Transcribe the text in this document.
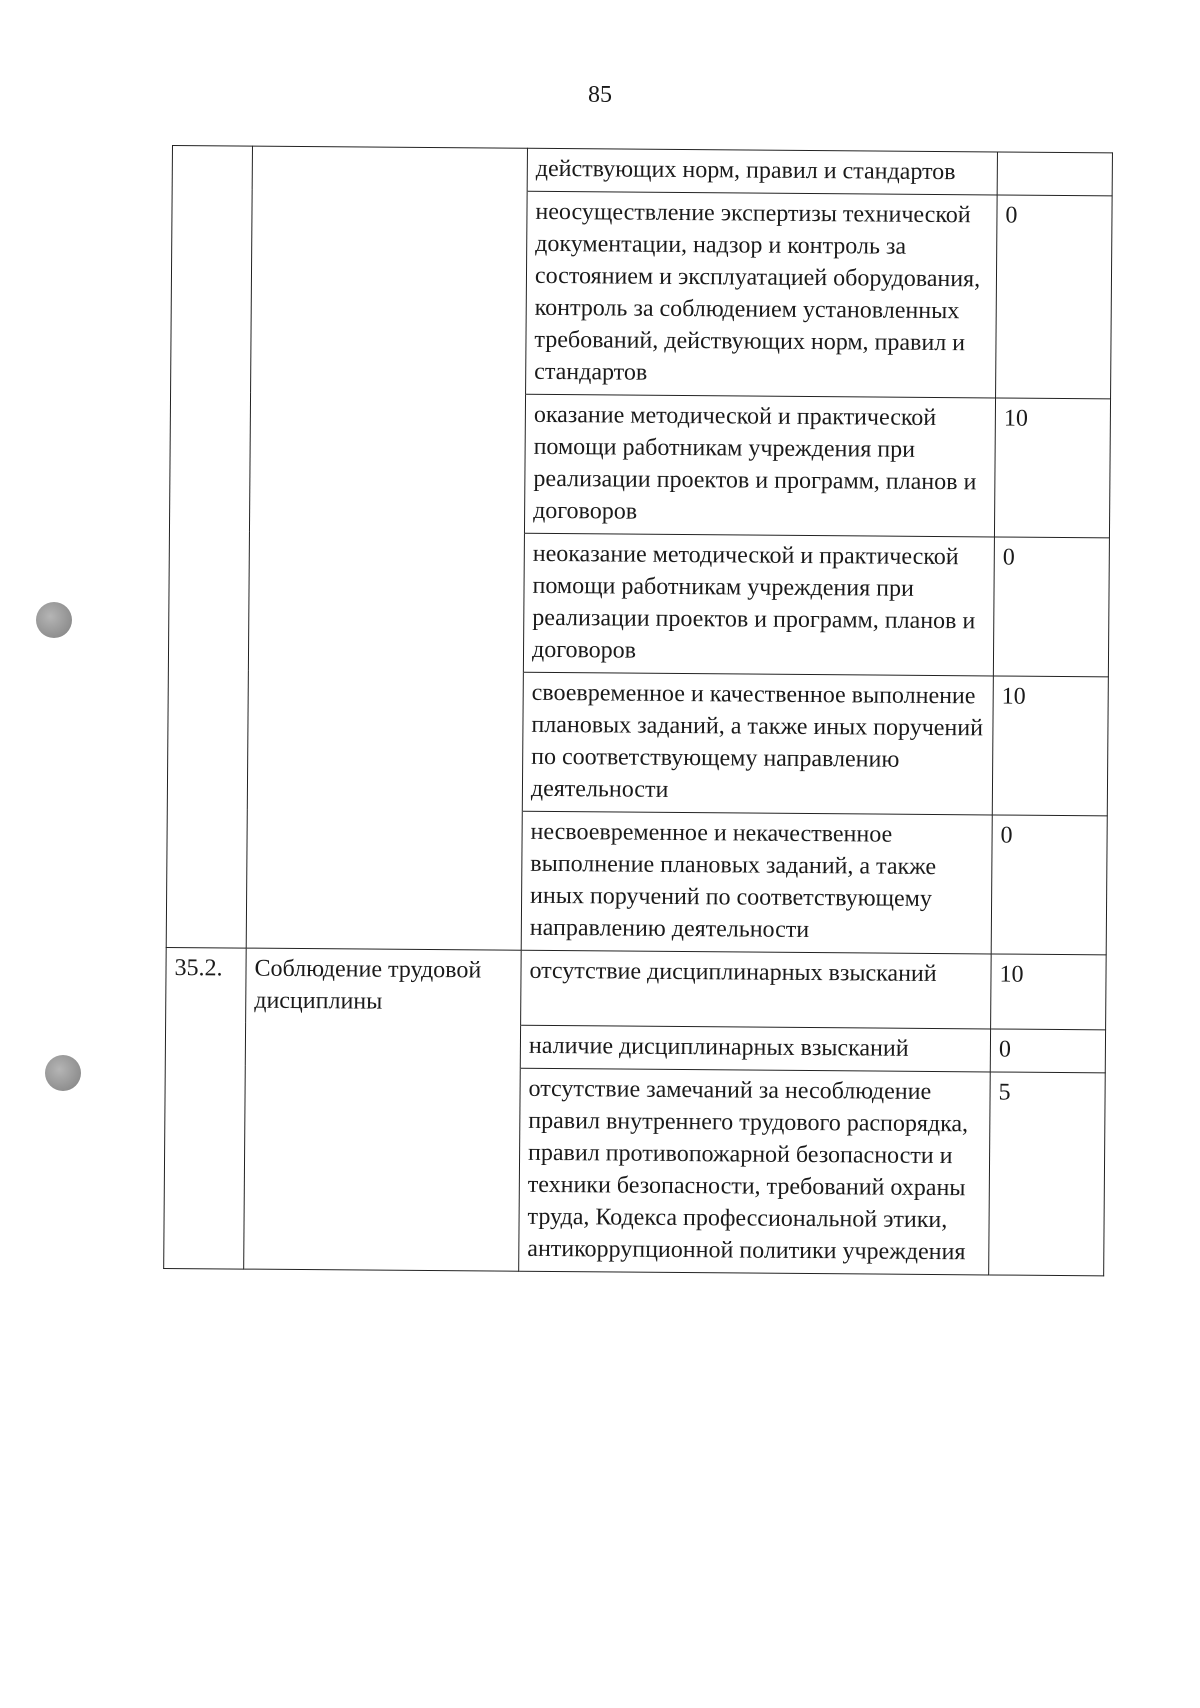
85
		действующих норм, правил и стандартов	
		неосуществление экспертизы технической документации, надзор и контроль за состоянием и эксплуатацией оборудования, контроль за соблюдением установленных требований, действующих норм, правил и стандартов	0
		оказание методической и практической помощи работникам учреждения при реализации проектов и программ, планов и договоров	10
		неоказание методической и практической помощи работникам учреждения при реализации проектов и программ, планов и договоров	0
		своевременное и качественное выполнение плановых заданий, а также иных поручений по соответствующему направлению деятельности	10
		несвоевременное и некачественное выполнение плановых заданий, а также иных поручений по соответствующему направлению деятельности	0
35.2.	Соблюдение трудовой дисциплины	отсутствие дисциплинарных взысканий	10
		наличие дисциплинарных взысканий	0
		отсутствие замечаний за несоблюдение правил внутреннего трудового распорядка, правил противопожарной безопасности и техники безопасности, требований охраны труда, Кодекса профессиональной этики, антикоррупционной политики учреждения	5
